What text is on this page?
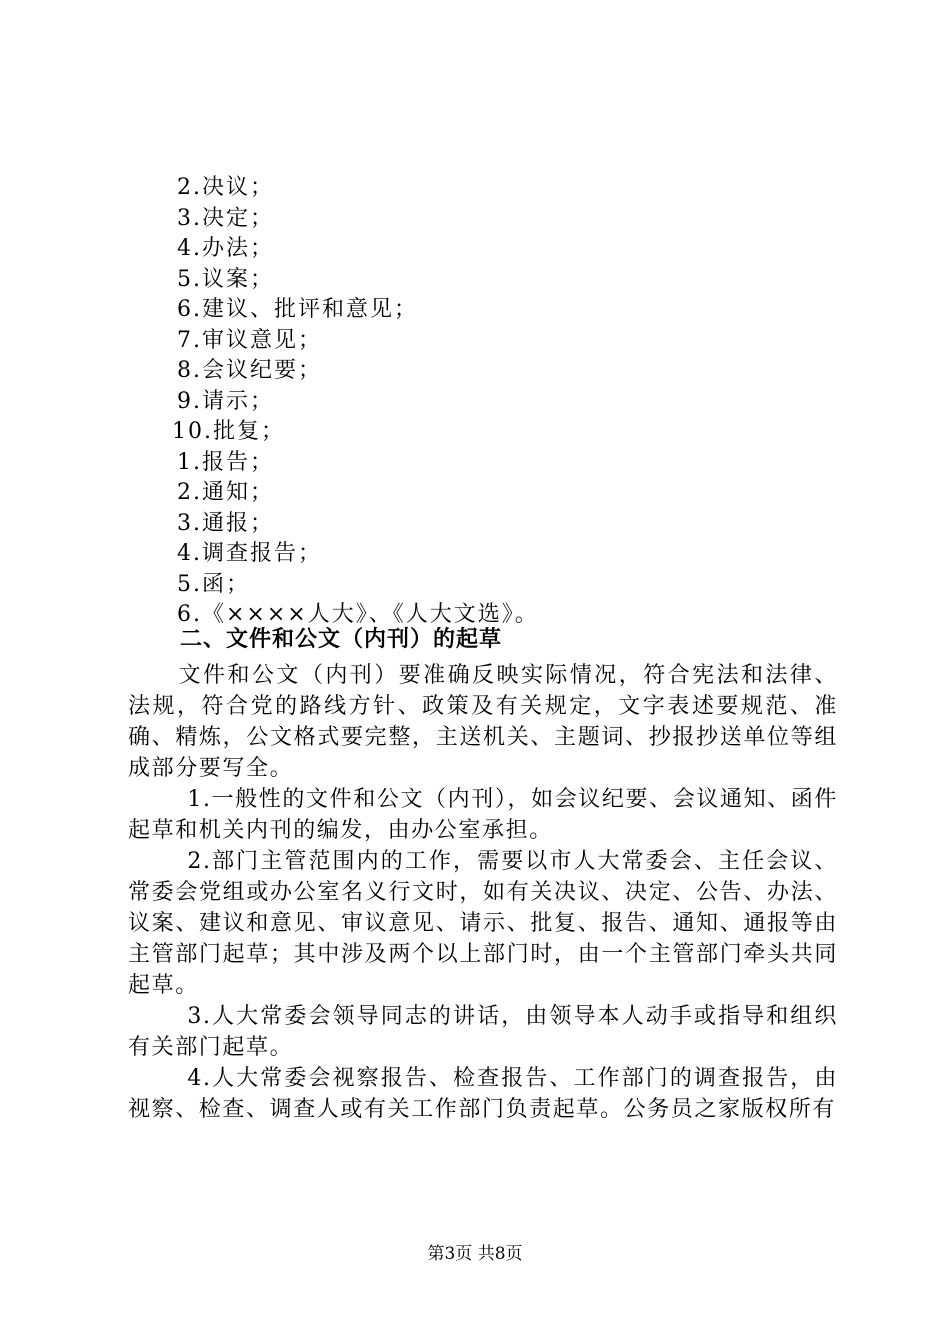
2.决议；
3.决定；
4.办法；
5.议案；
6.建议、批评和意见；
7.审议意见；
8.会议纪要；
9.请示；
10.批复；
1.报告；
2.通知；
3.通报；
4.调查报告；
5.函；
6.《××××人大》、《人大文选》。
二、文件和公文（内刊）的起草

文件和公文（内刊）要准确反映实际情况，符合宪法和法律、法规，符合党的路线方针、政策及有关规定，文字表述要规范、准确、精炼，公文格式要完整，主送机关、主题词、抄报抄送单位等组成部分要写全。

1.一般性的文件和公文（内刊），如会议纪要、会议通知、函件起草和机关内刊的编发，由办公室承担。

2.部门主管范围内的工作，需要以市人大常委会、主任会议、常委会党组或办公室名义行文时，如有关决议、决定、公告、办法、议案、建议和意见、审议意见、请示、批复、报告、通知、通报等由主管部门起草；其中涉及两个以上部门时，由一个主管部门牵头共同起草。

3.人大常委会领导同志的讲话，由领导本人动手或指导和组织有关部门起草。

4.人大常委会视察报告、检查报告、工作部门的调查报告，由视察、检查、调查人或有关工作部门负责起草。公务员之家版权所有

第3页 共8页
